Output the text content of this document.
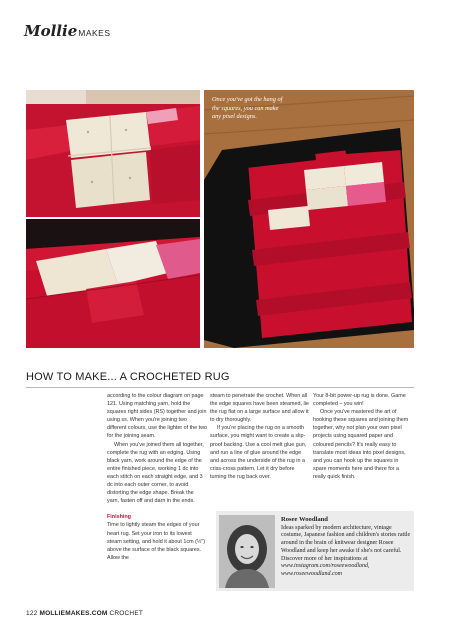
Mollie MAKES
Once you've got the hang of the squares, you can make any pixel designs.
HOW TO MAKE... A CROCHETED RUG

according to the colour diagram on page 121. Using matching yarn, hold the squares right sides (RS) together and join using ss. When you're joining two different colours, use the lighter of the two for the joining seam.

When you've joined them all together, complete the rug with an edging. Using black yarn, work around the edge of the entire finished piece, working 1 dc into each stitch on each straight edge, and 3 dc into each outer corner, to avoid distorting the edge shape. Break the yarn, fasten off and darn in the ends.

Finishing

Time to lightly steam the edges of your heart rug. Set your iron to its lowest steam setting, and hold it about 1cm (½") above the surface of the black squares. Allow the

steam to penetrate the crochet. When all the edge squares have been steamed, lie the rug flat on a large surface and allow it to dry thoroughly.

If you're placing the rug on a smooth surface, you might want to create a slip-proof backing. Use a cool melt glue gun, and run a line of glue around the edge and across the underside of the rug in a criss-cross pattern. Let it dry before turning the rug back over.

Your 8-bit power-up rug is done. Game completed – you win!

Once you've mastered the art of hooking these squares and joining them together, why not plan your own pixel projects using squared paper and coloured pencils? It's really easy to translate most ideas into pixel designs, and you can hook up the squares in spare moments here and there for a really quick finish.

Rosee Woodland
Ideas sparked by modern architecture, vintage costume, Japanese fashion and children's stories rattle around in the brain of knitwear designer Rosee Woodland and keep her awake if she's not careful. Discover more of her inspirations at www.instagram.com/roseewoodland, www.roseewoodland.com
122 MOLLIEMAKES.COM CROCHET
